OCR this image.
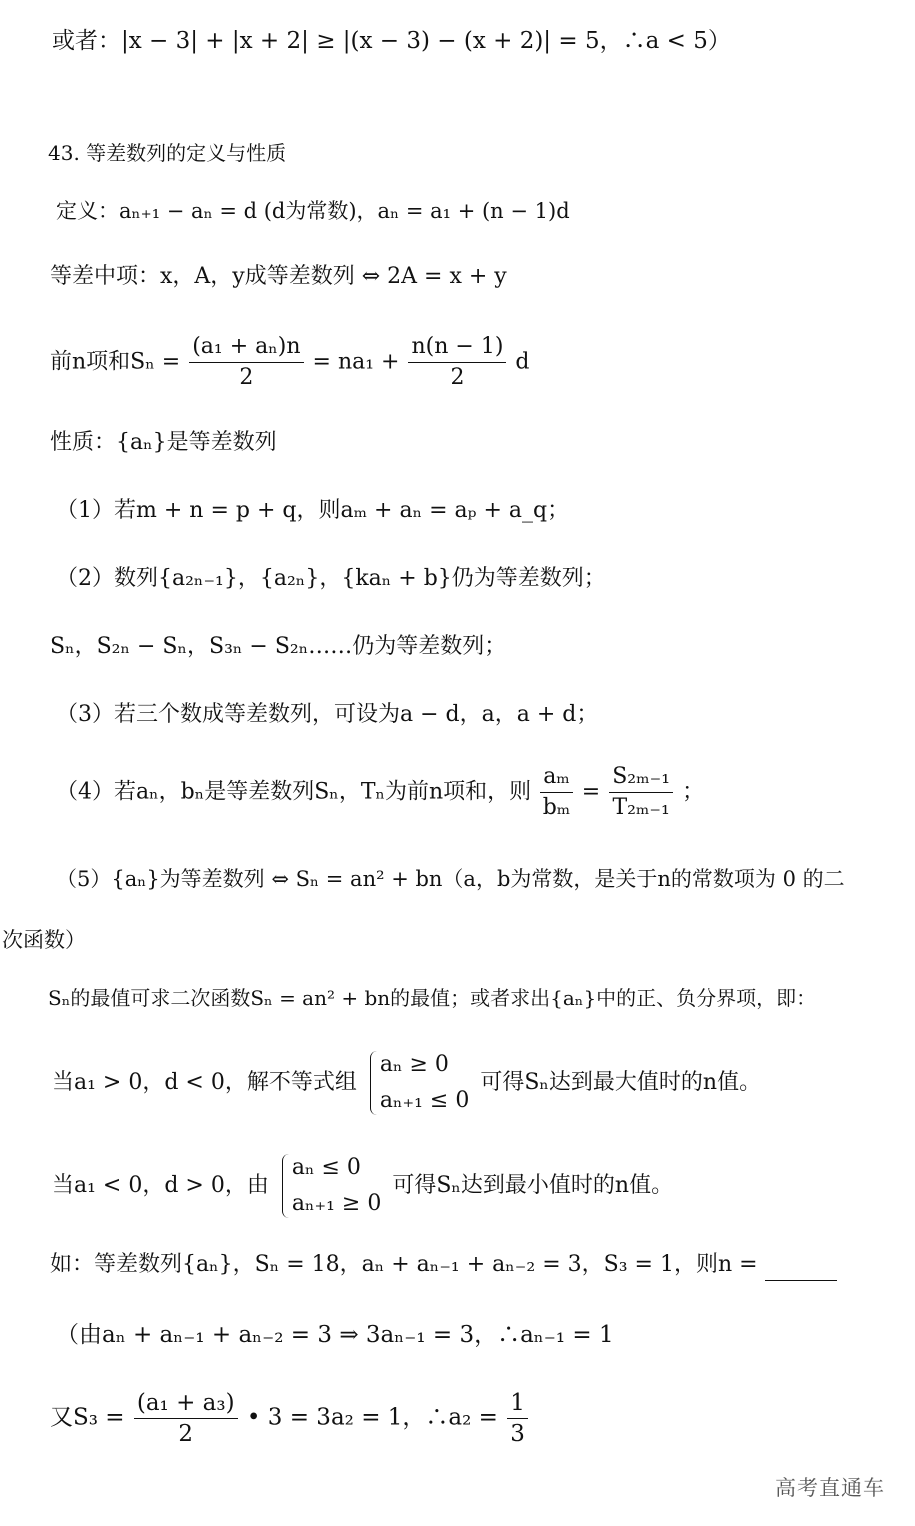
或者：|x − 3| + |x + 2| ≥ |(x − 3) − (x + 2)| = 5，∴a < 5）
43. 等差数列的定义与性质
定义：aₙ₊₁ − aₙ = d (d为常数)，aₙ = a₁ + (n − 1)d
等差中项：x，A，y成等差数列 ⇔ 2A = x + y
前n项和$S_n = \frac{\text{(a₁ + aₙ)n}}{2} = na_1 + \frac{n(n - 1)}{2}$ d
性质：{aₙ}是等差数列
（1）若m + n = p + q，则aₘ + aₙ = aₚ + a_q；
（2）数列{a₂ₙ₋₁}，{a₂ₙ}，{kaₙ + b}仍为等差数列；
Sₙ，S₂ₙ − Sₙ，S₃ₙ − S₂ₙ……仍为等差数列；
（3）若三个数成等差数列，可设为a − d，a，a + d；
（4）若aₙ，bₙ是等差数列Sₙ，Tₙ为前n项和，则 $\frac{\text{aₘ}}{\text{bₘ}} = \frac{\text{S₂ₘ₋₁}}{\text{T₂ₘ₋₁}}$ ；
（5）{aₙ}为等差数列 ⇔ Sₙ = an² + bn（a，b为常数，是关于n的常数项为 0 的二
次函数）
Sₙ的最值可求二次函数Sₙ = an² + bn的最值；或者求出{aₙ}中的正、负分界项，即：
当a₁ > 0，d < 0，解不等式组
aₙ ≥ 0
aₙ₊₁ ≤ 0
可得Sₙ达到最大值时的n值。
当a₁ < 0，d > 0，由
aₙ ≤ 0
aₙ₊₁ ≥ 0
可得Sₙ达到最小值时的n值。
如：等差数列{aₙ}，Sₙ = 18，aₙ + aₙ₋₁ + aₙ₋₂ = 3，S₃ = 1，则n =
（由aₙ + aₙ₋₁ + aₙ₋₂ = 3 ⇒ 3aₙ₋₁ = 3，∴aₙ₋₁ = 1
又$S_3 = \frac{\text{(a₁ + a₃)}}{2}$ • 3 = 3a₂ = 1，∴a₂ = $\frac{1}{3}$
高考直通车
